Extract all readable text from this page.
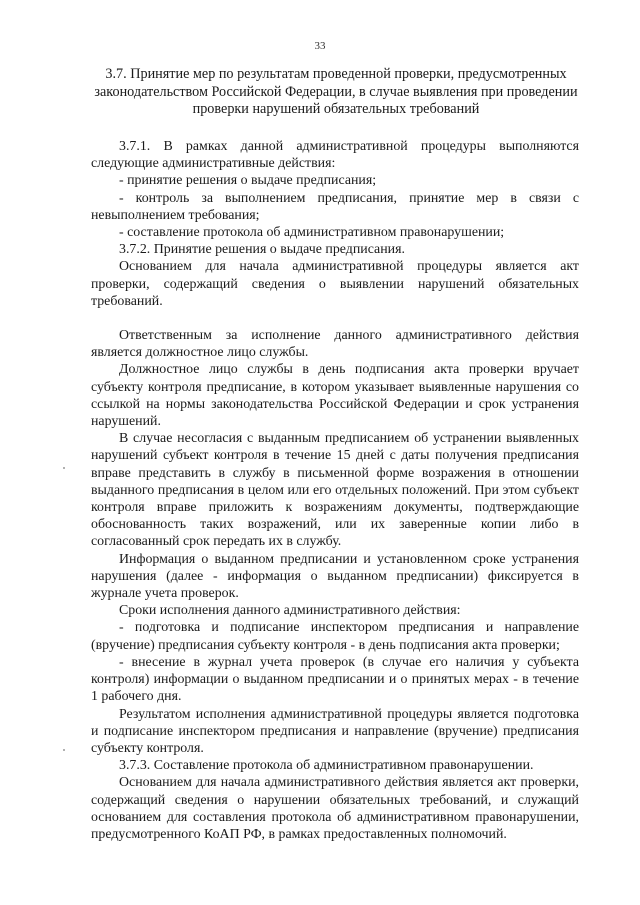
33
3.7. Принятие мер по результатам проведенной проверки, предусмотренных законодательством Российской Федерации, в случае выявления при проведении проверки нарушений обязательных требований

3.7.1. В рамках данной административной процедуры выполняются следующие административные действия:

- принятие решения о выдаче предписания;

- контроль за выполнением предписания, принятие мер в связи с невыполнением требования;

- составление протокола об административном правонарушении;

3.7.2. Принятие решения о выдаче предписания.

Основанием для начала административной процедуры является акт проверки, содержащий сведения о выявлении нарушений обязательных требований.

Ответственным за исполнение данного административного действия является должностное лицо службы.

Должностное лицо службы в день подписания акта проверки вручает субъекту контроля предписание, в котором указывает выявленные нарушения со ссылкой на нормы законодательства Российской Федерации и срок устранения нарушений.

В случае несогласия с выданным предписанием об устранении выявленных нарушений субъект контроля в течение 15 дней с даты получения предписания вправе представить в службу в письменной форме возражения в отношении выданного предписания в целом или его отдельных положений. При этом субъект контроля вправе приложить к возражениям документы, подтверждающие обоснованность таких возражений, или их заверенные копии либо в согласованный срок передать их в службу.

Информация о выданном предписании и установленном сроке устранения нарушения (далее - информация о выданном предписании) фиксируется в журнале учета проверок.

Сроки исполнения данного административного действия:

- подготовка и подписание инспектором предписания и направление (вручение) предписания субъекту контроля - в день подписания акта проверки;

- внесение в журнал учета проверок (в случае его наличия у субъекта контроля) информации о выданном предписании и о принятых мерах - в течение 1 рабочего дня.

Результатом исполнения административной процедуры является подготовка и подписание инспектором предписания и направление (вручение) предписания субъекту контроля.

3.7.3. Составление протокола об административном правонарушении.

Основанием для начала административного действия является акт проверки, содержащий сведения о нарушении обязательных требований, и служащий основанием для составления протокола об административном правонарушении, предусмотренного КоАП РФ, в рамках предоставленных полномочий.
